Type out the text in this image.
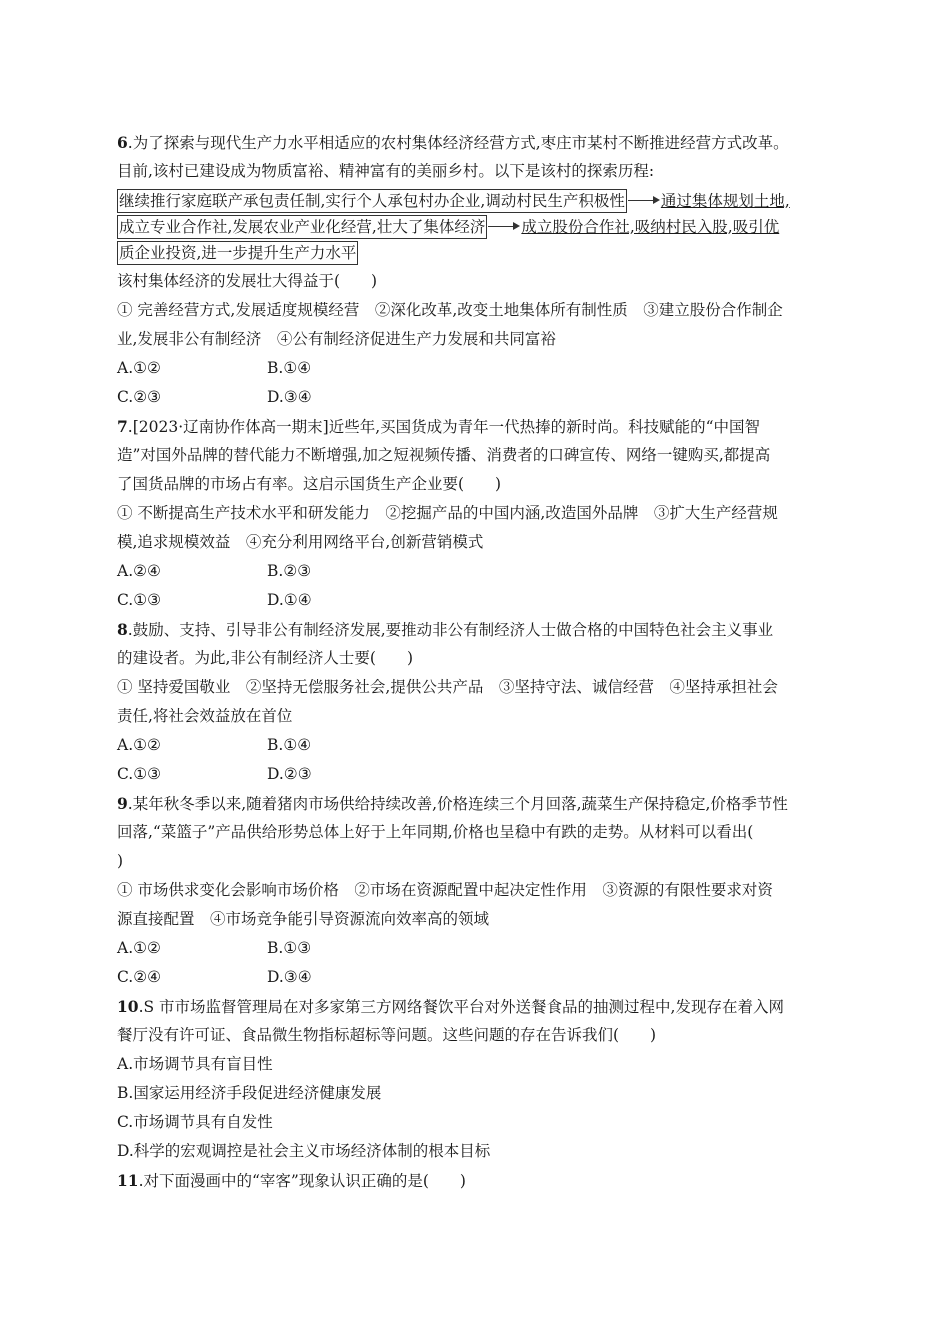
6.为了探索与现代生产力水平相适应的农村集体经济经营方式,枣庄市某村不断推进经营方式改革。
目前,该村已建设成为物质富裕、精神富有的美丽乡村。以下是该村的探索历程:
继续推行家庭联产承包责任制,实行个人承包村办企业,调动村民生产积极性 通过集体规划土地,
成立专业合作社,发展农业产业化经营,壮大了集体经济 成立股份合作社,吸纳村民入股,吸引优
质企业投资,进一步提升生产力水平
该村集体经济的发展壮大得益于(　　)
① 完善经营方式,发展适度规模经营　②深化改革,改变土地集体所有制性质　③建立股份合作制企
业,发展非公有制经济　④公有制经济促进生产力发展和共同富裕
A.①②	B.①④
C.②③	D.③④
7.[2023·辽南协作体高一期末]近些年,买国货成为青年一代热捧的新时尚。科技赋能的“中国智
造”对国外品牌的替代能力不断增强,加之短视频传播、消费者的口碑宣传、网络一键购买,都提高
了国货品牌的市场占有率。这启示国货生产企业要(　　)
① 不断提高生产技术水平和研发能力　②挖掘产品的中国内涵,改造国外品牌　③扩大生产经营规
模,追求规模效益　④充分利用网络平台,创新营销模式
A.②④	B.②③
C.①③	D.①④
8.鼓励、支持、引导非公有制经济发展,要推动非公有制经济人士做合格的中国特色社会主义事业
的建设者。为此,非公有制经济人士要(　　)
① 坚持爱国敬业　②坚持无偿服务社会,提供公共产品　③坚持守法、诚信经营　④坚持承担社会
责任,将社会效益放在首位
A.①②	B.①④
C.①③	D.②③
9.某年秋冬季以来,随着猪肉市场供给持续改善,价格连续三个月回落,蔬菜生产保持稳定,价格季节性
回落,“菜篮子”产品供给形势总体上好于上年同期,价格也呈稳中有跌的走势。从材料可以看出(
)
① 市场供求变化会影响市场价格　②市场在资源配置中起决定性作用　③资源的有限性要求对资
源直接配置　④市场竞争能引导资源流向效率高的领域
A.①②	B.①③
C.②④	D.③④
10.S 市市场监督管理局在对多家第三方网络餐饮平台对外送餐食品的抽测过程中,发现存在着入网
餐厅没有许可证、食品微生物指标超标等问题。这些问题的存在告诉我们(　　)
A.市场调节具有盲目性
B.国家运用经济手段促进经济健康发展
C.市场调节具有自发性
D.科学的宏观调控是社会主义市场经济体制的根本目标
11.对下面漫画中的“宰客”现象认识正确的是(　　)
